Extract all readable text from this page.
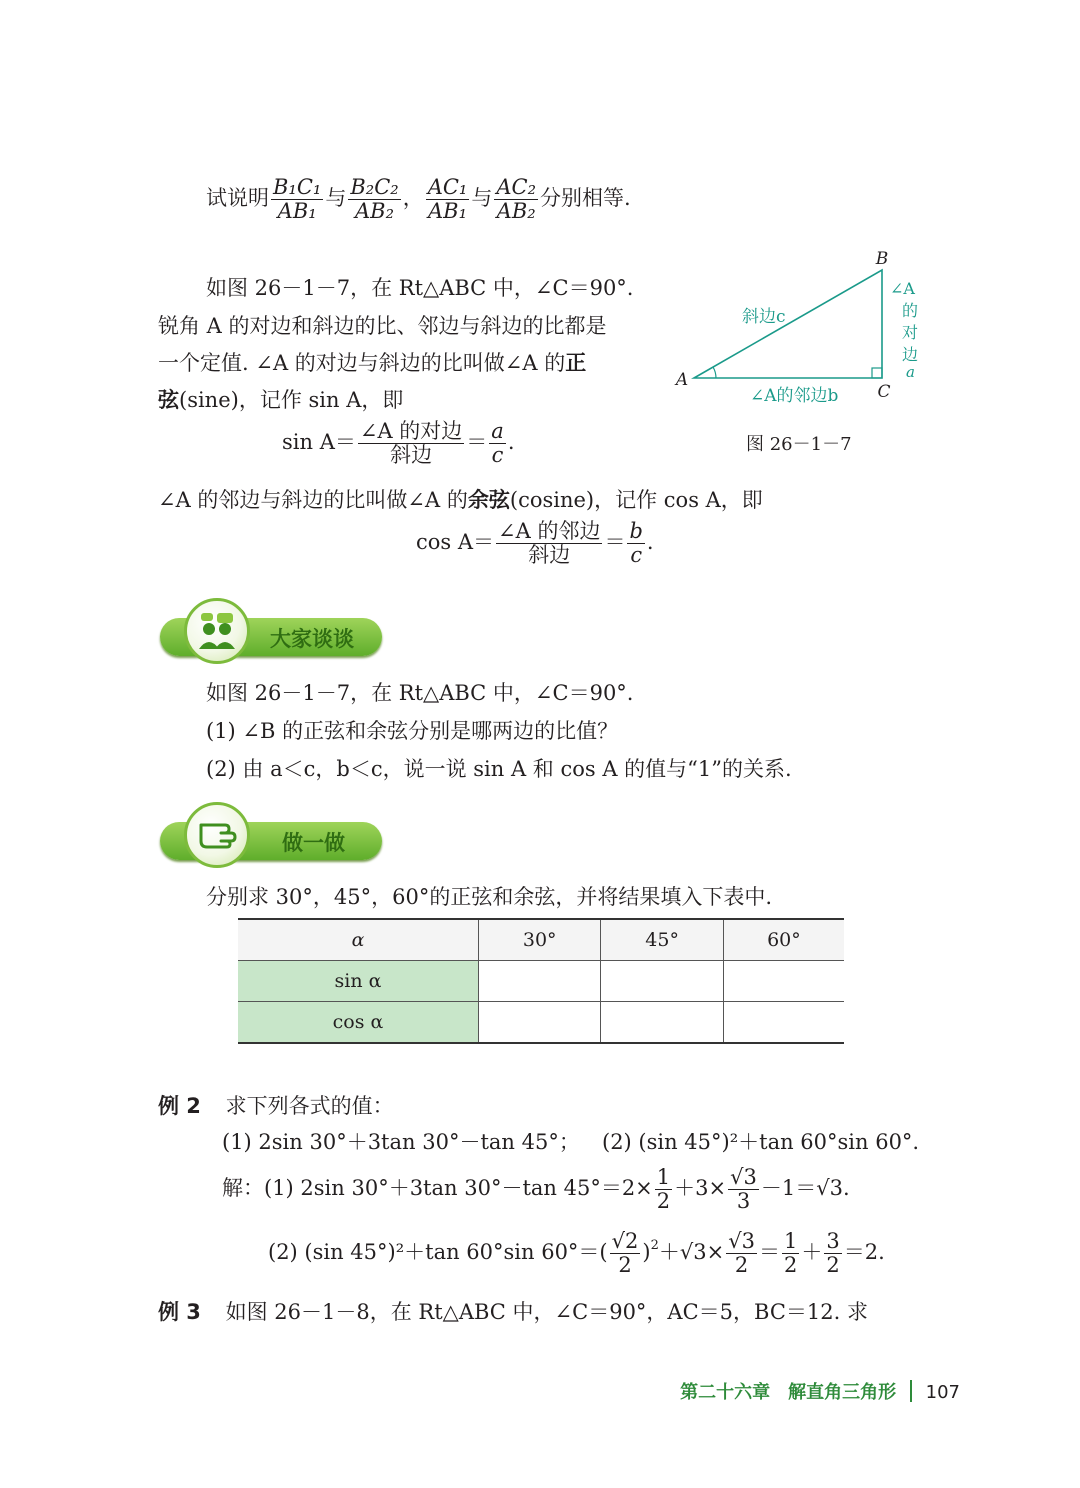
试说明 $\frac{\text{B₁C₁}}{\text{AB₁}}$ 与 $\frac{\text{B₂C₂}}{\text{AB₂}}$ ， $\frac{\text{AC₁}}{\text{AB₁}}$ 与 $\frac{\text{AC₂}}{\text{AB₂}}$ 分别相等.
如图 26－1－7，在 Rt△ABC 中，∠C＝90°.
锐角 A 的对边和斜边的比、邻边与斜边的比都是
一个定值. ∠A 的对边与斜边的比叫做∠A 的正
弦(sine)，记作 sin A，即
$\sin A= \frac{\text{∠A 的对边}}{\text{斜边}} = \frac{a}{c}$ .
∠A 的邻边与斜边的比叫做∠A 的余弦(cosine)，记作 cos A，即
$\cos A= \frac{\text{∠A 的邻边}}{\text{斜边}} = \frac{b}{c}$ .
B
A
C
斜边c
∠A的邻边b
∠A
的
对
边
a
图 26－1－7
大家谈谈
如图 26－1－7，在 Rt△ABC 中，∠C＝90°.
(1) ∠B 的正弦和余弦分别是哪两边的比值？
(2) 由 a＜c，b＜c，说一说 sin A 和 cos A 的值与“1”的关系.
做一做
分别求 30°，45°，60°的正弦和余弦，并将结果填入下表中.
α	30°	45°	60°
sin α			
cos α			
例 2 求下列各式的值：
(1) 2sin 30°＋3tan 30°－tan 45°； (2) (sin 45°)²＋tan 60°sin 60°.
解：(1) 2sin 30°＋3tan 30°－tan $45^\circ=2\times \frac{1}{2} +3\times \frac{√3}{3} -1=√3$.
(2) (sin 45°)²＋tan 60°sin $60^\circ=( \frac{√2}{2} )^2+√3\times \frac{√3}{2} = \frac{1}{2} + \frac{3}{2} =2$.
例 3 如图 26－1－8，在 Rt△ABC 中，∠C＝90°，AC＝5，BC＝12. 求
第二十六章　解直角三角形 107
